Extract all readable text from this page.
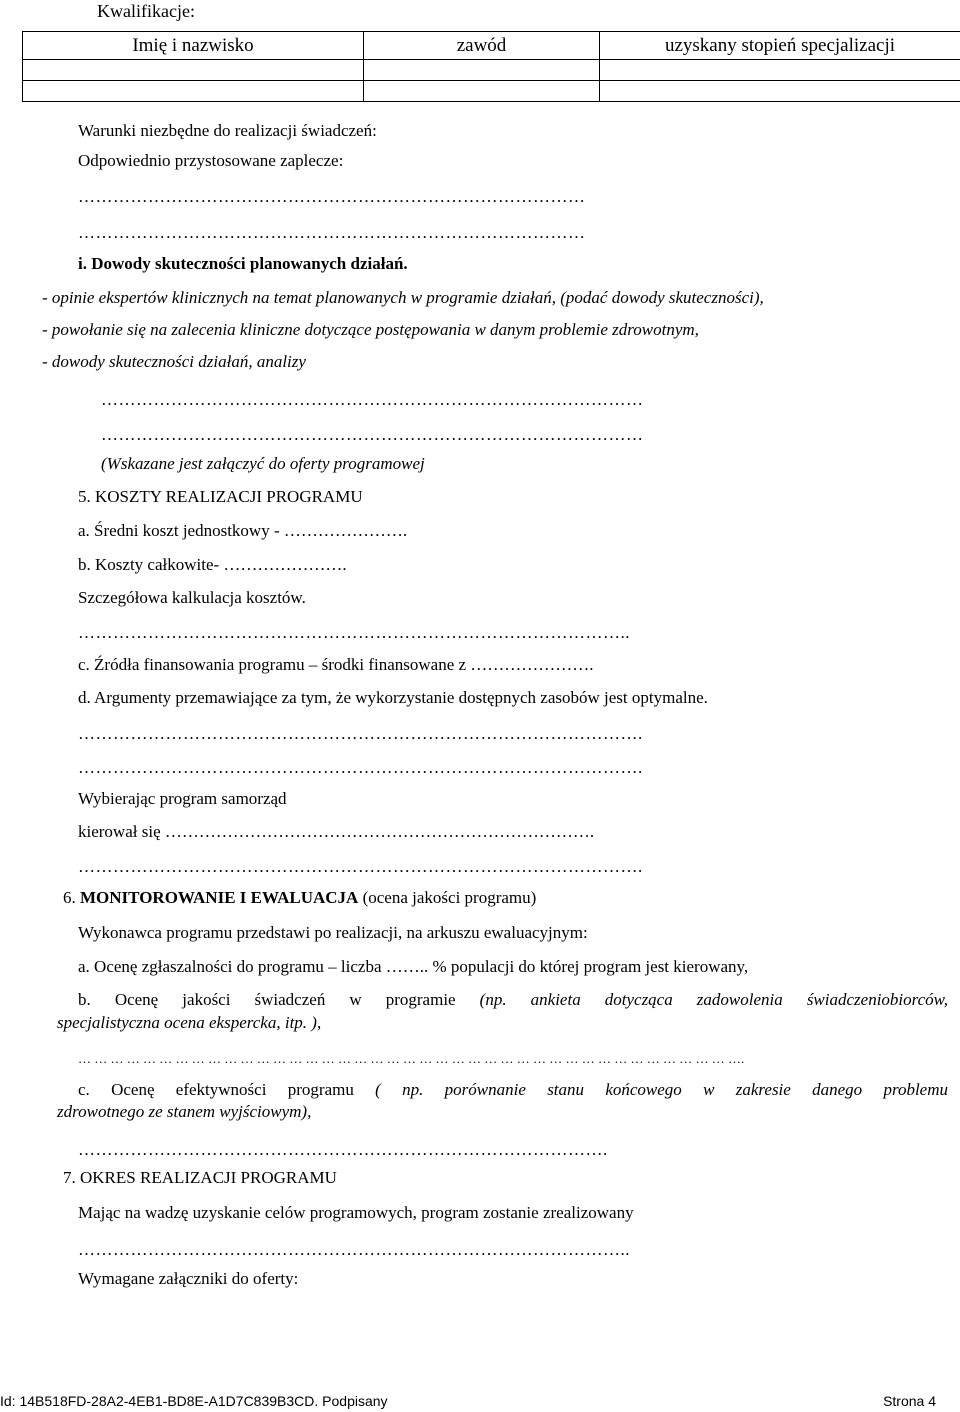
Kwalifikacje:
Imię i nazwisko	zawód	uzyskany stopień specjalizacji

Warunki niezbędne do realizacji świadczeń:
Odpowiednio przystosowane zaplecze:
……………………………………………………………………………
……………………………………………………………………………
i. Dowody skuteczności planowanych działań.
- opinie ekspertów klinicznych na temat planowanych w programie działań, (podać dowody skuteczności),
- powołanie się na zalecenia kliniczne dotyczące postępowania w danym problemie zdrowotnym,
- dowody skuteczności działań, analizy
…………………………………………………………………………………
…………………………………………………………………………………
(Wskazane jest załączyć do oferty programowej
5. KOSZTY REALIZACJI PROGRAMU
a. Średni koszt jednostkowy - ………………….
b. Koszty całkowite- ………………….
Szczegółowa kalkulacja kosztów.
…………………………………………………………………………………..
c. Źródła finansowania programu – środki finansowane z ………………….
d. Argumenty przemawiające za tym, że wykorzystanie dostępnych zasobów jest optymalne.
…………………………………………………………………………………….
…………………………………………………………………………………….
Wybierając program samorząd
kierował się ………………………………………………………………….
…………………………………………………………………………………….
6. MONITOROWANIE I EWALUACJA (ocena jakości programu)
Wykonawca programu przedstawi po realizacji, na arkuszu ewaluacyjnym:
a. Ocenę zgłaszalności do programu – liczba …….. % populacji do której program jest kierowany,
b. Ocenę jakości świadczeń w programie (np. ankieta dotycząca zadowolenia świadczeniobiorców,
specjalistyczna ocena ekspercka, itp. ),
… … … … … … … … … … … … … … … … … … … … … … … … … … … … … … … … … … … … … … … … ….
c. Ocenę efektywności programu ( np. porównanie stanu końcowego w zakresie danego problemu
zdrowotnego ze stanem wyjściowym),
……………………………………………………………………………….
7. OKRES REALIZACJI PROGRAMU
Mając na wadzę uzyskanie celów programowych, program zostanie zrealizowany
…………………………………………………………………………………..
Wymagane załączniki do oferty:
Id: 14B518FD-28A2-4EB1-BD8E-A1D7C839B3CD. Podpisany	Strona 4
